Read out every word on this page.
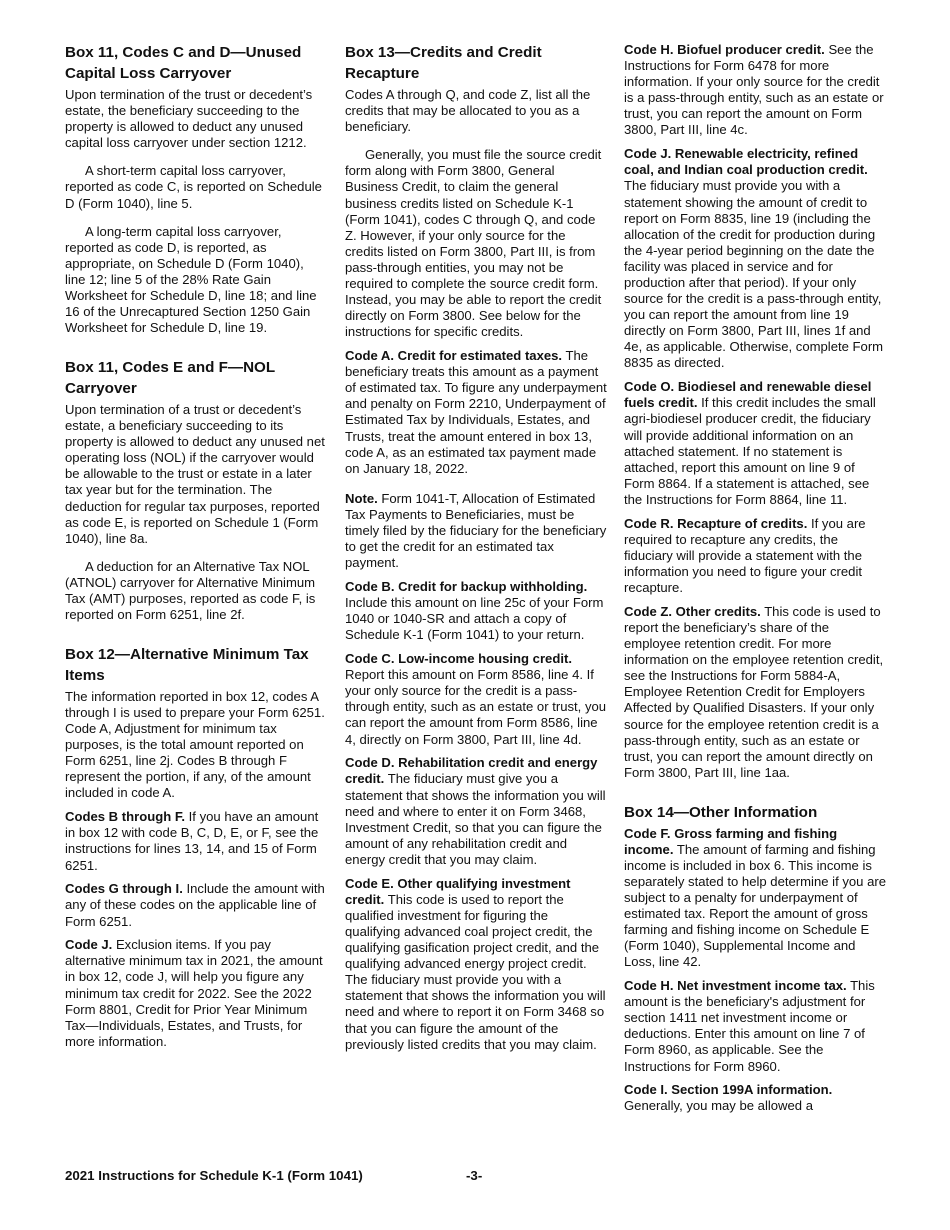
Box 11, Codes C and D—Unused Capital Loss Carryover

Upon termination of the trust or decedent’s estate, the beneficiary succeeding to the property is allowed to deduct any unused capital loss carryover under section 1212.

A short-term capital loss carryover, reported as code C, is reported on Schedule D (Form 1040), line 5.

A long-term capital loss carryover, reported as code D, is reported, as appropriate, on Schedule D (Form 1040), line 12; line 5 of the 28% Rate Gain Worksheet for Schedule D, line 18; and line 16 of the Unrecaptured Section 1250 Gain Worksheet for Schedule D, line 19.

Box 11, Codes E and F—NOL Carryover

Upon termination of a trust or decedent’s estate, a beneficiary succeeding to its property is allowed to deduct any unused net operating loss (NOL) if the carryover would be allowable to the trust or estate in a later tax year but for the termination. The deduction for regular tax purposes, reported as code E, is reported on Schedule 1 (Form 1040), line 8a.

A deduction for an Alternative Tax NOL (ATNOL) carryover for Alternative Minimum Tax (AMT) purposes, reported as code F, is reported on Form 6251, line 2f.

Box 12—Alternative Minimum Tax Items

The information reported in box 12, codes A through I is used to prepare your Form 6251. Code A, Adjustment for minimum tax purposes, is the total amount reported on Form 6251, line 2j. Codes B through F represent the portion, if any, of the amount included in code A.

Codes B through F. If you have an amount in box 12 with code B, C, D, E, or F, see the instructions for lines 13, 14, and 15 of Form 6251.

Codes G through I. Include the amount with any of these codes on the applicable line of Form 6251.

Code J. Exclusion items. If you pay alternative minimum tax in 2021, the amount in box 12, code J, will help you figure any minimum tax credit for 2022. See the 2022 Form 8801, Credit for Prior Year Minimum Tax—Individuals, Estates, and Trusts, for more information.

Box 13—Credits and Credit Recapture

Codes A through Q, and code Z, list all the credits that may be allocated to you as a beneficiary.

Generally, you must file the source credit form along with Form 3800, General Business Credit, to claim the general business credits listed on Schedule K-1 (Form 1041), codes C through Q, and code Z. However, if your only source for the credits listed on Form 3800, Part III, is from pass-through entities, you may not be required to complete the source credit form. Instead, you may be able to report the credit directly on Form 3800. See below for the instructions for specific credits.

Code A. Credit for estimated taxes. The beneficiary treats this amount as a payment of estimated tax. To figure any underpayment and penalty on Form 2210, Underpayment of Estimated Tax by Individuals, Estates, and Trusts, treat the amount entered in box 13, code A, as an estimated tax payment made on January 18, 2022.

Note. Form 1041-T, Allocation of Estimated Tax Payments to Beneficiaries, must be timely filed by the fiduciary for the beneficiary to get the credit for an estimated tax payment.

Code B. Credit for backup withholding. Include this amount on line 25c of your Form 1040 or 1040-SR and attach a copy of Schedule K-1 (Form 1041) to your return.

Code C. Low-income housing credit. Report this amount on Form 8586, line 4. If your only source for the credit is a pass-through entity, such as an estate or trust, you can report the amount from Form 8586, line 4, directly on Form 3800, Part III, line 4d.

Code D. Rehabilitation credit and energy credit. The fiduciary must give you a statement that shows the information you will need and where to enter it on Form 3468, Investment Credit, so that you can figure the amount of any rehabilitation credit and energy credit that you may claim.

Code E. Other qualifying investment credit. This code is used to report the qualified investment for figuring the qualifying advanced coal project credit, the qualifying gasification project credit, and the qualifying advanced energy project credit. The fiduciary must provide you with a statement that shows the information you will need and where to report it on Form 3468 so that you can figure the amount of the previously listed credits that you may claim.

Code H. Biofuel producer credit. See the Instructions for Form 6478 for more information. If your only source for the credit is a pass-through entity, such as an estate or trust, you can report the amount on Form 3800, Part III, line 4c.

Code J. Renewable electricity, refined coal, and Indian coal production credit. The fiduciary must provide you with a statement showing the amount of credit to report on Form 8835, line 19 (including the allocation of the credit for production during the 4-year period beginning on the date the facility was placed in service and for production after that period). If your only source for the credit is a pass-through entity, you can report the amount from line 19 directly on Form 3800, Part III, lines 1f and 4e, as applicable. Otherwise, complete Form 8835 as directed.

Code O. Biodiesel and renewable diesel fuels credit. If this credit includes the small agri-biodiesel producer credit, the fiduciary will provide additional information on an attached statement. If no statement is attached, report this amount on line 9 of Form 8864. If a statement is attached, see the Instructions for Form 8864, line 11.

Code R. Recapture of credits. If you are required to recapture any credits, the fiduciary will provide a statement with the information you need to figure your credit recapture.

Code Z. Other credits. This code is used to report the beneficiary’s share of the employee retention credit. For more information on the employee retention credit, see the Instructions for Form 5884-A, Employee Retention Credit for Employers Affected by Qualified Disasters. If your only source for the employee retention credit is a pass-through entity, such as an estate or trust, you can report the amount directly on Form 3800, Part III, line 1aa.

Box 14—Other Information

Code F. Gross farming and fishing income. The amount of farming and fishing income is included in box 6. This income is separately stated to help determine if you are subject to a penalty for underpayment of estimated tax. Report the amount of gross farming and fishing income on Schedule E (Form 1040), Supplemental Income and Loss, line 42.

Code H. Net investment income tax. This amount is the beneficiary's adjustment for section 1411 net investment income or deductions. Enter this amount on line 7 of Form 8960, as applicable. See the Instructions for Form 8960.

Code I. Section 199A information. Generally, you may be allowed a

2021 Instructions for Schedule K-1 (Form 1041)	-3-
